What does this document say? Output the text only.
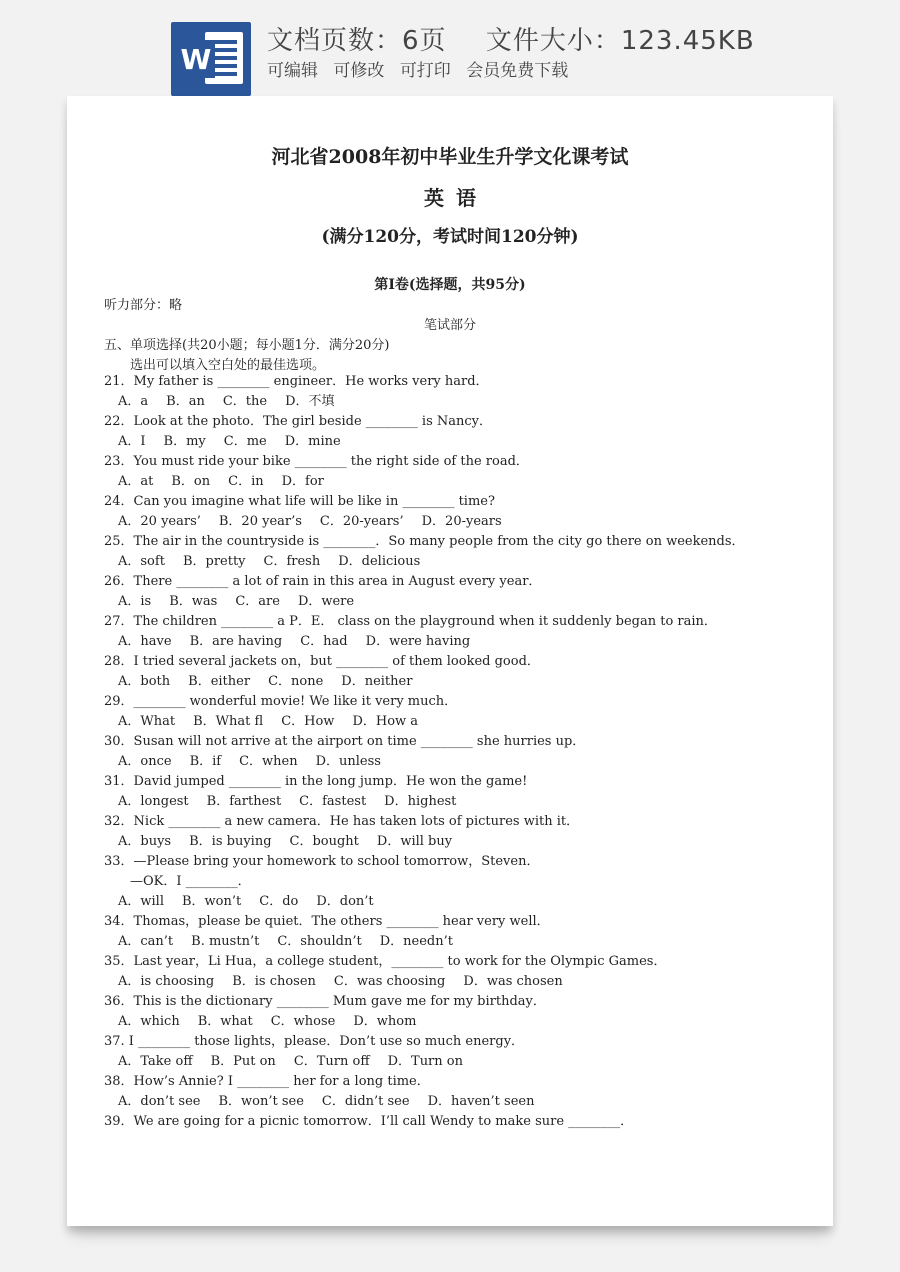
W
文档页数：6页 文件大小：123.45KB
可编辑 可修改 可打印 会员免费下载
河北省2008年初中毕业生升学文化课考试
英语
(满分120分，考试时间120分钟)
第I卷(选择题，共95分)
听力部分：略
笔试部分
五、单项选择(共20小题；每小题1分．满分20分)
选出可以填入空白处的最佳选项。
21．My father is ________ engineer．He works very hard．
A．a B．an C．the D．不填
22．Look at the photo．The girl beside ________ is Nancy．
A．I B．my C．me D．mine
23．You must ride your bike ________ the right side of the road．
A．at B．on C．in D．for
24．Can you imagine what life will be like in ________ time?
A．20 years’ B．20 year’s C．20-years’ D．20-years
25．The air in the countryside is ________．So many people from the city go there on weekends．
A．soft B．pretty C．fresh D．delicious
26．There ________ a lot of rain in this area in August every year．
A．is B．was C．are D．were
27．The children ________ a P．E． class on the playground when it suddenly began to rain．
A．have B．are having C．had D．were having
28．I tried several jackets on，but ________ of them looked good．
A．both B．either C．none D．neither
29．________ wonderful movie! We like it very much．
A．What B．What fl C．How D．How a
30．Susan will not arrive at the airport on time ________ she hurries up．
A．once B．if C．when D．unless
31．David jumped ________ in the long jump．He won the game!
A．longest B．farthest C．fastest D．highest
32．Nick ________ a new camera．He has taken lots of pictures with it．
A．buys B．is buying C．bought D．will buy
33．—Please bring your homework to school tomorrow，Steven．
—OK．I ________．
A．will B．won’t C．do D．don’t
34．Thomas，please be quiet．The others ________ hear very well．
A．can’t B. mustn’t C．shouldn’t D．needn’t
35．Last year，Li Hua，a college student，________ to work for the Olympic Games．
A．is choosing B．is chosen C．was choosing D．was chosen
36．This is the dictionary ________ Mum gave me for my birthday．
A．which B．what C．whose D．whom
37. I ________ those lights，please．Don’t use so much energy．
A．Take off B．Put on C．Turn off D．Turn on
38．How’s Annie? I ________ her for a long time．
A．don’t see B．won’t see C．didn’t see D．haven’t seen
39．We are going for a picnic tomorrow．I’ll call Wendy to make sure ________．
